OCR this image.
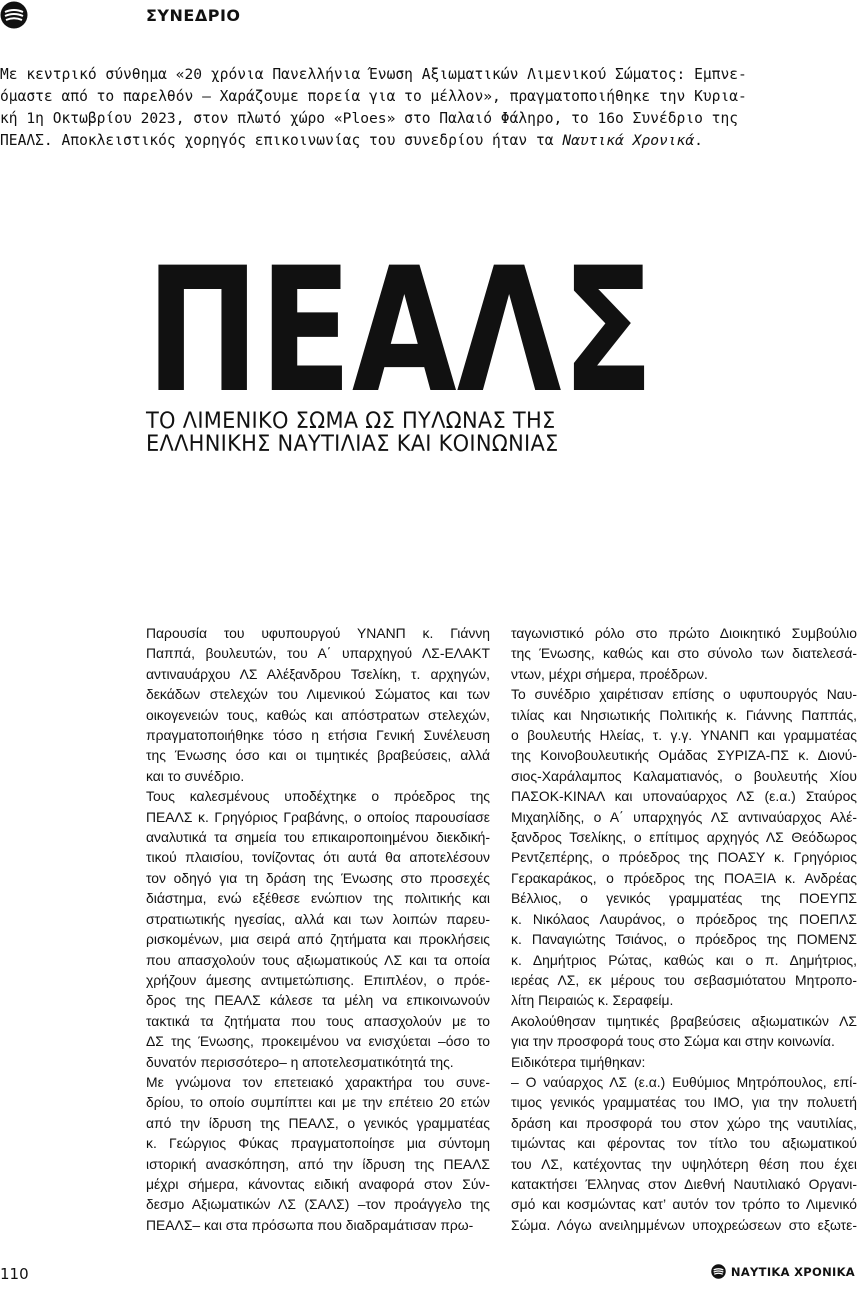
ΣΥΝΕΔΡΙΟ
Με κεντρικό σύνθημα «20 χρόνια Πανελλήνια Ένωση Αξιωματικών Λιμενικού Σώματος: Εμπνε-
όμαστε από το παρελθόν – Χαράζουμε πορεία για το μέλλον», πραγματοποιήθηκε την Κυρια-
κή 1η Οκτωβρίου 2023, στον πλωτό χώρο «Ploes» στο Παλαιό Φάληρο, το 16ο Συνέδριο της
ΠΕΑΛΣ. Αποκλειστικός χορηγός επικοινωνίας του συνεδρίου ήταν τα Ναυτικά Χρονικά.
ΠΕΑΛΣ
ΤΟ ΛΙΜΕΝΙΚΟ ΣΩΜΑ ΩΣ ΠΥΛΩΝΑΣ ΤΗΣ
ΕΛΛΗΝΙΚΗΣ ΝΑΥΤΙΛΙΑΣ ΚΑΙ ΚΟΙΝΩΝΙΑΣ
Παρουσία του υφυπουργού ΥΝΑΝΠ κ. Γιάννη
Παππά, βουλευτών, του Α΄ υπαρχηγού ΛΣ-ΕΛΑΚΤ
αντιναυάρχου ΛΣ Αλέξανδρου Τσελίκη, τ. αρχηγών,
δεκάδων στελεχών του Λιμενικού Σώματος και των
οικογενειών τους, καθώς και απόστρατων στελεχών,
πραγματοποιήθηκε τόσο η ετήσια Γενική Συνέλευση
της Ένωσης όσο και οι τιμητικές βραβεύσεις, αλλά
και το συνέδριο.
Τους καλεσμένους υποδέχτηκε ο πρόεδρος της
ΠΕΑΛΣ κ. Γρηγόριος Γραβάνης, ο οποίος παρουσίασε
αναλυτικά τα σημεία του επικαιροποιημένου διεκδική-
τικού πλαισίου, τονίζοντας ότι αυτά θα αποτελέσουν
τον οδηγό για τη δράση της Ένωσης στο προσεχές
διάστημα, ενώ εξέθεσε ενώπιον της πολιτικής και
στρατιωτικής ηγεσίας, αλλά και των λοιπών παρευ-
ρισκομένων, μια σειρά από ζητήματα και προκλήσεις
που απασχολούν τους αξιωματικούς ΛΣ και τα οποία
χρήζουν άμεσης αντιμετώπισης. Επιπλέον, ο πρόε-
δρος της ΠΕΑΛΣ κάλεσε τα μέλη να επικοινωνούν
τακτικά τα ζητήματα που τους απασχολούν με το
ΔΣ της Ένωσης, προκειμένου να ενισχύεται –όσο το
δυνατόν περισσότερο– η αποτελεσματικότητά της.
Με γνώμονα τον επετειακό χαρακτήρα του συνε-
δρίου, το οποίο συμπίπτει και με την επέτειο 20 ετών
από την ίδρυση της ΠΕΑΛΣ, ο γενικός γραμματέας
κ. Γεώργιος Φύκας πραγματοποίησε μια σύντομη
ιστορική ανασκόπηση, από την ίδρυση της ΠΕΑΛΣ
μέχρι σήμερα, κάνοντας ειδική αναφορά στον Σύν-
δεσμο Αξιωματικών ΛΣ (ΣΑΛΣ) –τον προάγγελο της
ΠΕΑΛΣ– και στα πρόσωπα που διαδραμάτισαν πρω-
ταγωνιστικό ρόλο στο πρώτο Διοικητικό Συμβούλιο
της Ένωσης, καθώς και στο σύνολο των διατελεσά-
ντων, μέχρι σήμερα, προέδρων.
Το συνέδριο χαιρέτισαν επίσης ο υφυπουργός Ναυ-
τιλίας και Νησιωτικής Πολιτικής κ. Γιάννης Παππάς,
ο βουλευτής Ηλείας, τ. γ.γ. ΥΝΑΝΠ και γραμματέας
της Κοινοβουλευτικής Ομάδας ΣΥΡΙΖΑ-ΠΣ κ. Διονύ-
σιος-Χαράλαμπος Καλαματιανός, ο βουλευτής Χίου
ΠΑΣΟΚ-ΚΙΝΑΛ και υποναύαρχος ΛΣ (ε.α.) Σταύρος
Μιχαηλίδης, ο Α΄ υπαρχηγός ΛΣ αντιναύαρχος Αλέ-
ξανδρος Τσελίκης, ο επίτιμος αρχηγός ΛΣ Θεόδωρος
Ρεντζεπέρης, ο πρόεδρος της ΠΟΑΣΥ κ. Γρηγόριος
Γερακαράκος, ο πρόεδρος της ΠΟΑΞΙΑ κ. Ανδρέας
Βέλλιος, ο γενικός γραμματέας της ΠΟΕΥΠΣ
κ. Νικόλαος Λαυράνος, ο πρόεδρος της ΠΟΕΠΛΣ
κ. Παναγιώτης Τσιάνος, ο πρόεδρος της ΠΟΜΕΝΣ
κ. Δημήτριος Ρώτας, καθώς και ο π. Δημήτριος,
ιερέας ΛΣ, εκ μέρους του σεβασμιότατου Μητροπο-
λίτη Πειραιώς κ. Σεραφείμ.
Ακολούθησαν τιμητικές βραβεύσεις αξιωματικών ΛΣ
για την προσφορά τους στο Σώμα και στην κοινωνία.
Ειδικότερα τιμήθηκαν:
– Ο ναύαρχος ΛΣ (ε.α.) Ευθύμιος Μητρόπουλος, επί-
τιμος γενικός γραμματέας του ΙΜΟ, για την πολυετή
δράση και προσφορά του στον χώρο της ναυτιλίας,
τιμώντας και φέροντας τον τίτλο του αξιωματικού
του ΛΣ, κατέχοντας την υψηλότερη θέση που έχει
κατακτήσει Έλληνας στον Διεθνή Ναυτιλιακό Οργανι-
σμό και κοσμώντας κατ’ αυτόν τον τρόπο το Λιμενικό
Σώμα. Λόγω ανειλημμένων υποχρεώσεων στο εξωτε-
110	ΝΑΥΤΙΚΑ ΧΡΟΝΙΚΑ
